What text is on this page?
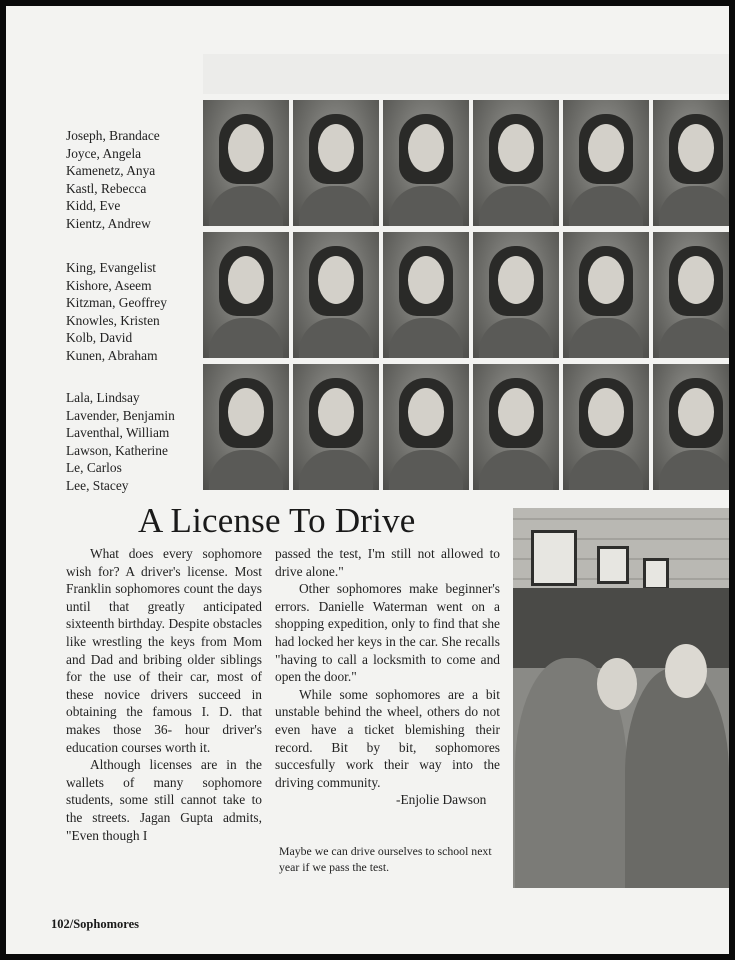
Joseph, Brandace
Joyce, Angela
Kamenetz, Anya
Kastl, Rebecca
Kidd, Eve
Kientz, Andrew
King, Evangelist
Kishore, Aseem
Kitzman, Geoffrey
Knowles, Kristen
Kolb, David
Kunen, Abraham
Lala, Lindsay
Lavender, Benjamin
Laventhal, William
Lawson, Katherine
Le, Carlos
Lee, Stacey
A License To Drive

What does every sophomore wish for? A driver's license. Most Franklin sophomores count the days until that greatly anticipated sixteenth birthday. Despite obstacles like wrestling the keys from Mom and Dad and bribing older siblings for the use of their car, most of these novice drivers succeed in obtaining the famous I. D. that makes those 36- hour driver's education courses worth it.

Although licenses are in the wallets of many sophomore students, some still cannot take to the streets. Jagan Gupta admits, "Even though I

passed the test, I'm still not allowed to drive alone."

Other sophomores make beginner's errors. Danielle Waterman went on a shopping expedition, only to find that she had locked her keys in the car. She recalls "having to call a locksmith to come and open the door."

While some sophomores are a bit unstable behind the wheel, others do not even have a ticket blemishing their record. Bit by bit, sophomores succesfully work their way into the driving community.

-Enjolie Dawson
Maybe we can drive ourselves to school next year if we pass the test.
102/Sophomores
